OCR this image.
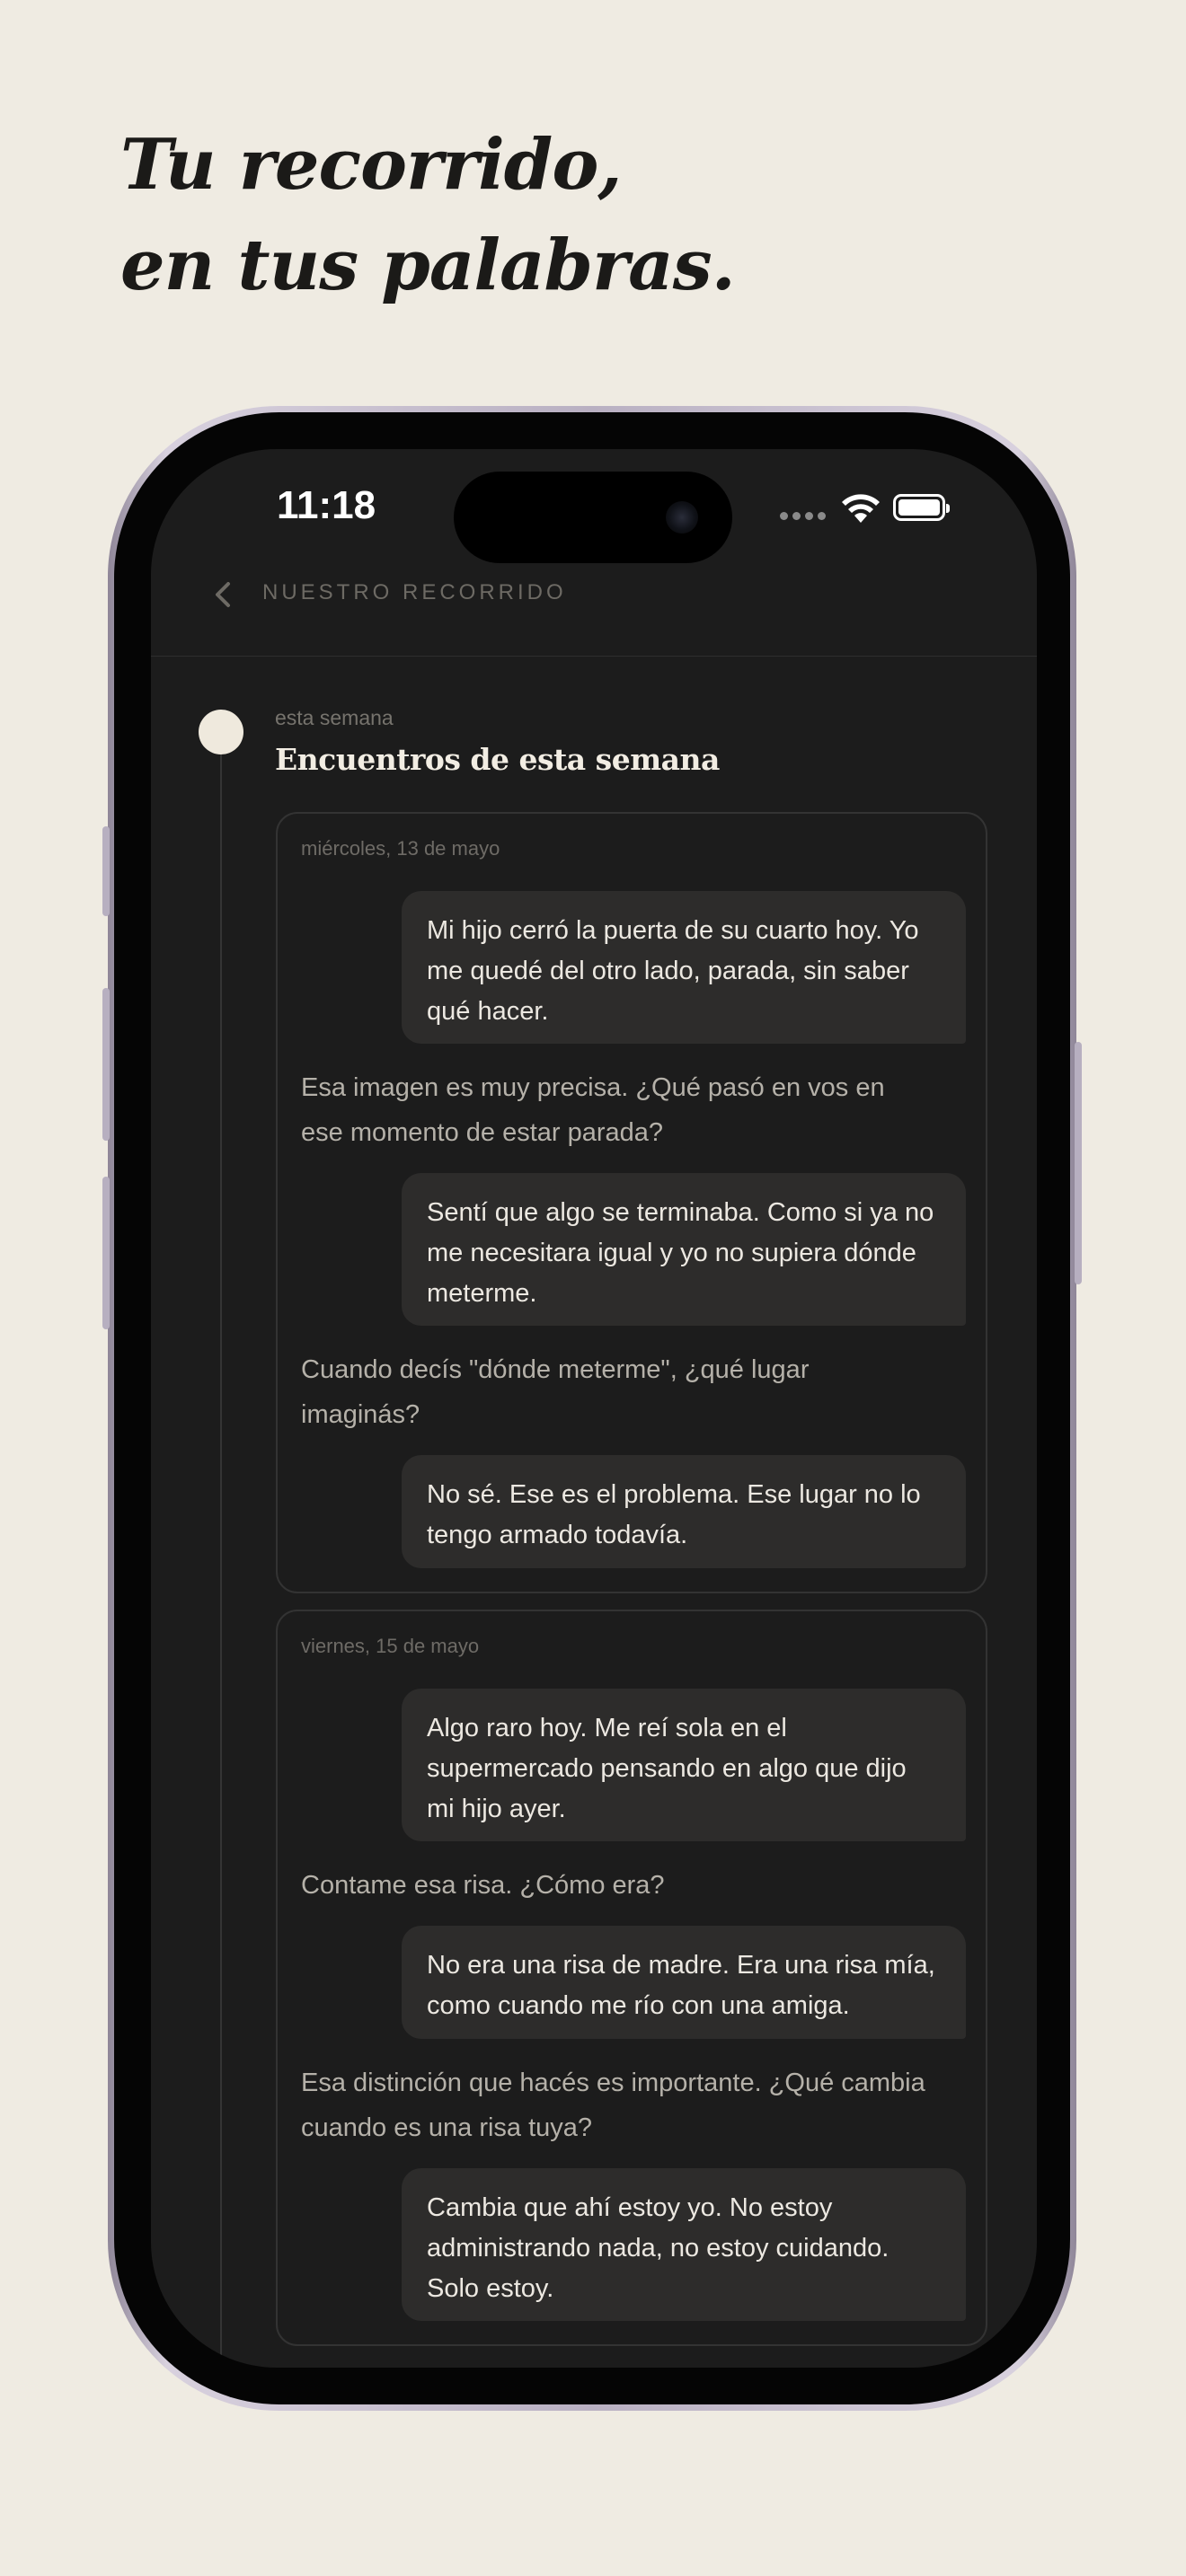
Tu recorrido,
en tus palabras.
11:18
NUESTRO RECORRIDO
esta semana
Encuentros de esta semana
miércoles, 13 de mayo
Mi hijo cerró la puerta de su cuarto hoy. Yo me quedé del otro lado, parada, sin saber qué hacer.
Esa imagen es muy precisa. ¿Qué pasó en vos en ese momento de estar parada?
Sentí que algo se terminaba. Como si ya no me necesitara igual y yo no supiera dónde meterme.
Cuando decís "dónde meterme", ¿qué lugar imaginás?
No sé. Ese es el problema. Ese lugar no lo tengo armado todavía.
viernes, 15 de mayo
Algo raro hoy. Me reí sola en el supermercado pensando en algo que dijo mi hijo ayer.
Contame esa risa. ¿Cómo era?
No era una risa de madre. Era una risa mía, como cuando me río con una amiga.
Esa distinción que hacés es importante. ¿Qué cambia cuando es una risa tuya?
Cambia que ahí estoy yo. No estoy administrando nada, no estoy cuidando. Solo estoy.
